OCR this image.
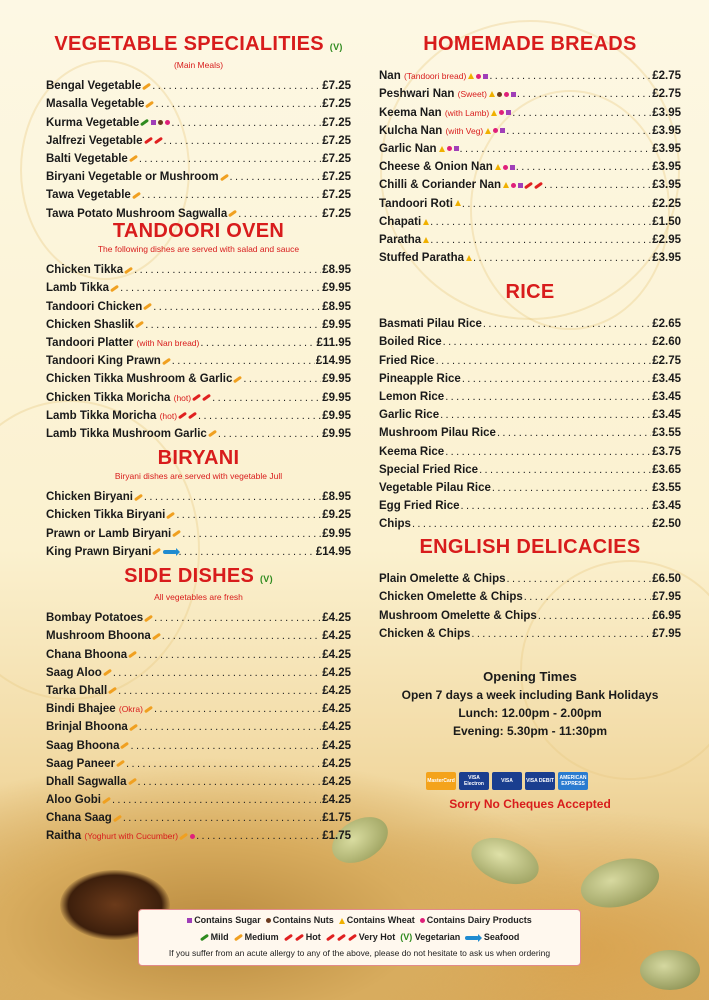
VEGETABLE SPECIALITIES (V)
(Main Meals)
Bengal Vegetable .....	£7.25
Masalla Vegetable .....	£7.25
Kurma Vegetable .....	£7.25
Jalfrezi Vegetable .....	£7.25
Balti Vegetable .....	£7.25
Biryani Vegetable or Mushroom .....	£7.25
Tawa Vegetable .....	£7.25
Tawa Potato Mushroom Sagwalla .....	£7.25
TANDOORI OVEN
The following dishes are served with salad and sauce
Chicken Tikka .....	£8.95
Lamb Tikka .....	£9.95
Tandoori Chicken .....	£8.95
Chicken Shaslik .....	£9.95
Tandoori Platter (with Nan bread) .....	£11.95
Tandoori King Prawn .....	£14.95
Chicken Tikka Mushroom & Garlic .....	£9.95
Chicken Tikka Moricha (hot) .....	£9.95
Lamb Tikka Moricha (hot) .....	£9.95
Lamb Tikka Mushroom Garlic .....	£9.95
BIRYANI
Biryani dishes are served with vegetable Jull
Chicken Biryani .....	£8.95
Chicken Tikka Biryani .....	£9.25
Prawn or Lamb Biryani .....	£9.95
King Prawn Biryani .....	£14.95
SIDE DISHES (V)
All vegetables are fresh
Bombay Potatoes .....	£4.25
Mushroom Bhoona .....	£4.25
Chana Bhoona .....	£4.25
Saag Aloo .....	£4.25
Tarka Dhall .....	£4.25
Bindi Bhajee (Okra) .....	£4.25
Brinjal Bhoona .....	£4.25
Saag Bhoona .....	£4.25
Saag Paneer .....	£4.25
Dhall Sagwalla .....	£4.25
Aloo Gobi .....	£4.25
Chana Saag .....	£1.75
Raitha (Yoghurt with Cucumber) .....	£1.75
HOMEMADE BREADS
Nan (Tandoori bread) .....	£2.75
Peshwari Nan (Sweet) .....	£2.75
Keema Nan (with Lamb) .....	£3.95
Kulcha Nan (with Veg) .....	£3.95
Garlic Nan .....	£3.95
Cheese & Onion Nan .....	£3.95
Chilli & Coriander Nan .....	£3.95
Tandoori Roti .....	£2.25
Chapati .....	£1.50
Paratha .....	£2.95
Stuffed Paratha .....	£3.95
RICE
Basmati Pilau Rice .....	£2.65
Boiled Rice .....	£2.60
Fried Rice .....	£2.75
Pineapple Rice .....	£3.45
Lemon Rice .....	£3.45
Garlic Rice .....	£3.45
Mushroom Pilau Rice .....	£3.55
Keema Rice .....	£3.75
Special Fried Rice .....	£3.65
Vegetable Pilau Rice .....	£3.55
Egg Fried Rice .....	£3.45
Chips .....	£2.50
ENGLISH DELICACIES
Plain Omelette & Chips .....	£6.50
Chicken Omelette & Chips .....	£7.95
Mushroom Omelette & Chips .....	£6.95
Chicken & Chips .....	£7.95
Opening Times
Open 7 days a week including Bank Holidays
Lunch: 12.00pm - 2.00pm
Evening: 5.30pm - 11:30pm
MasterCard	VISA Electron	VISA	VISA DEBIT	AMERICAN EXPRESS
Sorry No Cheques Accepted
Contains Sugar Contains Nuts Contains Wheat Contains Dairy Products
Mild Medium	Hot	Very Hot (V) Vegetarian	Seafood
If you suffer from an acute allergy to any of the above, please do not hesitate to ask us when ordering
